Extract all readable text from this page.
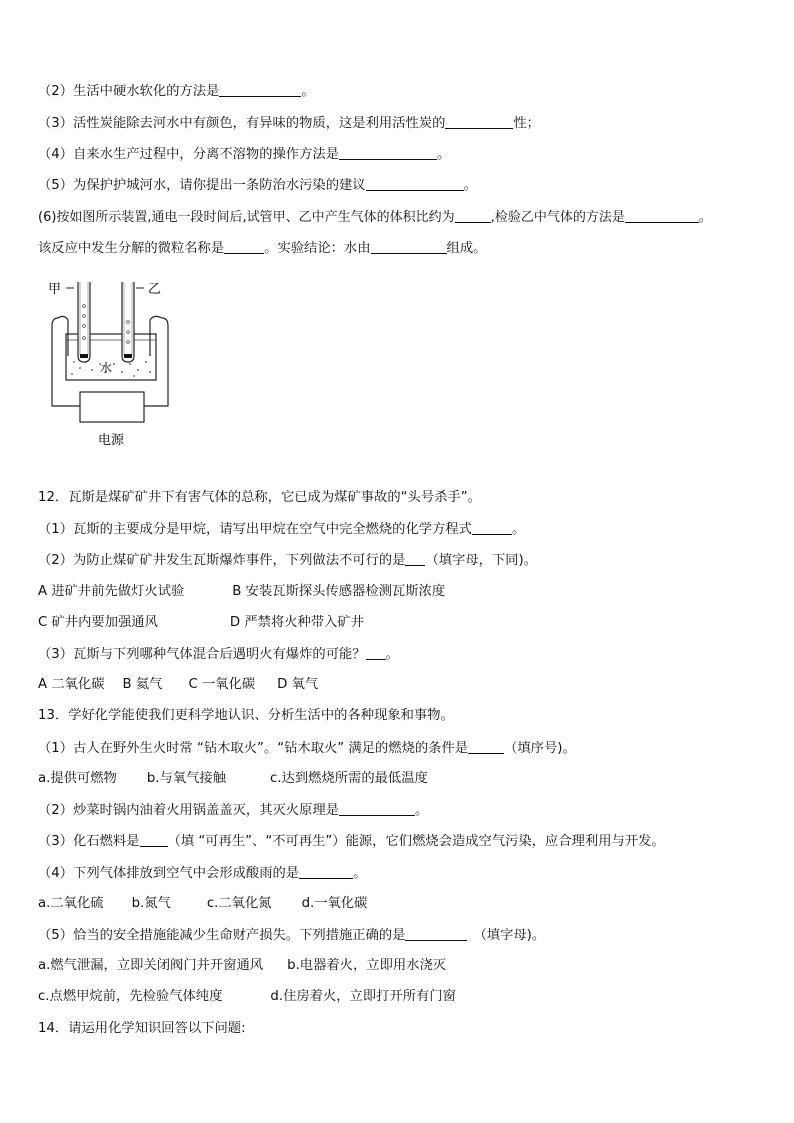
（2）生活中硬水软化的方法是	。
（3）活性炭能除去河水中有颜色，有异味的物质，这是利用活性炭的	性；
（4）自来水生产过程中，分离不溶物的操作方法是	。
（5）为保护护城河水，请你提出一条防治水污染的建议	。
(6)按如图所示装置,通电一段时间后,试管甲、乙中产生气体的体积比约为	,检验乙中气体的方法是	。
该反应中发生分解的微粒名称是	。实验结论：水由	组成。
甲	乙
水
电源
12．瓦斯是煤矿矿井下有害气体的总称，它已成为煤矿事故的“头号杀手”。
（1）瓦斯的主要成分是甲烷，请写出甲烷在空气中完全燃烧的化学方程式	。
（2）为防止煤矿矿井发生瓦斯爆炸事件，下列做法不可行的是 （填字母，下同)。
A 进矿井前先做灯火试验	B 安装瓦斯探头传感器检测瓦斯浓度
C 矿井内要加强通风	D 严禁将火种带入矿井
（3）瓦斯与下列哪种气体混合后遇明火有爆炸的可能？ 。
A 二氧化碳 B 氦气 C 一氧化碳 D 氧气
13．学好化学能使我们更科学地认识、分析生活中的各种现象和事物。
（1）古人在野外生火时常 “钻木取火”。“钻木取火” 满足的燃烧的条件是	（填序号)。
a.提供可燃物 b.与氧气接触	c.达到燃烧所需的最低温度
（2）炒菜时锅内油着火用锅盖盖灭，其灭火原理是	。
（3）化石燃料是 （填 “可再生”、“不可再生”）能源，它们燃烧会造成空气污染，应合理利用与开发。
（4）下列气体排放到空气中会形成酸雨的是	。
a.二氧化硫 b.氮气	c.二氧化氮 d.一氧化碳
（5）恰当的安全措施能减少生命财产损失。下列措施正确的是	（填字母)。
a.燃气泄漏，立即关闭阀门并开窗通风 b.电器着火，立即用水浇灭
c.点燃甲烷前，先检验气体纯度	d.住房着火，立即打开所有门窗
14．请运用化学知识回答以下问题:
